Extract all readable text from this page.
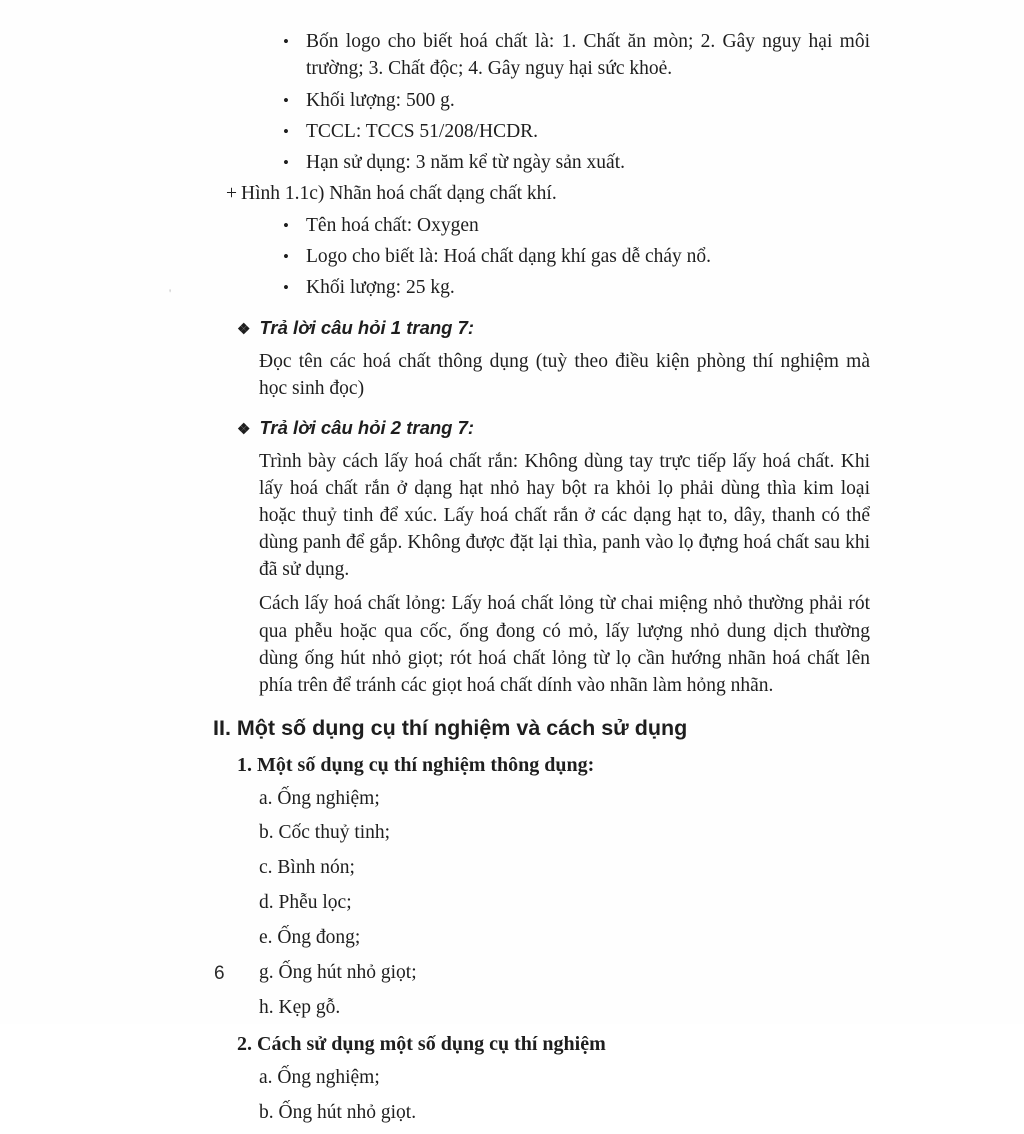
'
• Bốn logo cho biết hoá chất là: 1. Chất ăn mòn; 2. Gây nguy hại môi trường; 3. Chất độc; 4. Gây nguy hại sức khoẻ.
• Khối lượng: 500 g.
• TCCL: TCCS 51/208/HCDR.
• Hạn sử dụng: 3 năm kể từ ngày sản xuất.
+ Hình 1.1c) Nhãn hoá chất dạng chất khí.
• Tên hoá chất: Oxygen
• Logo cho biết là: Hoá chất dạng khí gas dễ cháy nổ.
• Khối lượng: 25 kg.
❖ Trả lời câu hỏi 1 trang 7:

Đọc tên các hoá chất thông dụng (tuỳ theo điều kiện phòng thí nghiệm mà học sinh đọc)

❖ Trả lời câu hỏi 2 trang 7:

Trình bày cách lấy hoá chất rắn: Không dùng tay trực tiếp lấy hoá chất. Khi lấy hoá chất rắn ở dạng hạt nhỏ hay bột ra khỏi lọ phải dùng thìa kim loại hoặc thuỷ tinh để xúc. Lấy hoá chất rắn ở các dạng hạt to, dây, thanh có thể dùng panh để gắp. Không được đặt lại thìa, panh vào lọ đựng hoá chất sau khi đã sử dụng.

Cách lấy hoá chất lỏng: Lấy hoá chất lỏng từ chai miệng nhỏ thường phải rót qua phễu hoặc qua cốc, ống đong có mỏ, lấy lượng nhỏ dung dịch thường dùng ống hút nhỏ giọt; rót hoá chất lỏng từ lọ cần hướng nhãn hoá chất lên phía trên để tránh các giọt hoá chất dính vào nhãn làm hỏng nhãn.

II. Một số dụng cụ thí nghiệm và cách sử dụng
1. Một số dụng cụ thí nghiệm thông dụng:
a. Ống nghiệm;
b. Cốc thuỷ tinh;
c. Bình nón;
d. Phễu lọc;
e. Ống đong;
g. Ống hút nhỏ giọt;
h. Kẹp gỗ.
2. Cách sử dụng một số dụng cụ thí nghiệm
a. Ống nghiệm;
b. Ống hút nhỏ giọt.
6
